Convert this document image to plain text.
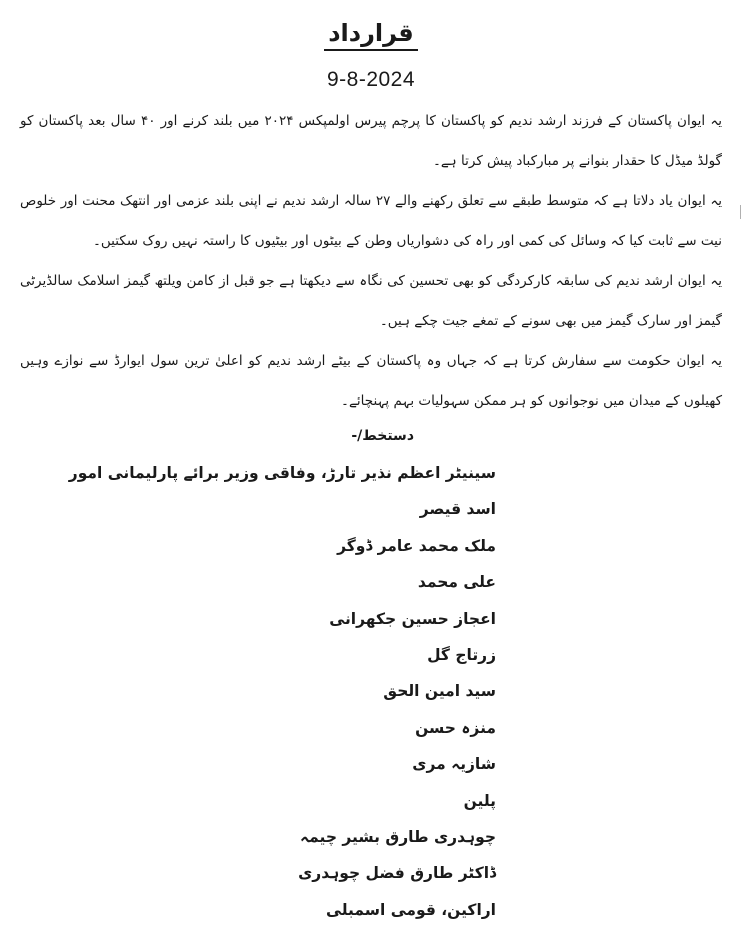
قرارداد
9-8-2024

یہ ایوان پاکستان کے فرزند ارشد ندیم کو پاکستان کا پرچم پیرس اولمپکس ۲۰۲۴ میں بلند کرنے اور ۴۰ سال بعد پاکستان کو گولڈ میڈل کا حقدار بنوانے پر مبارکباد پیش کرتا ہے۔

یہ ایوان یاد دلاتا ہے کہ متوسط طبقے سے تعلق رکھنے والے ۲۷ سالہ ارشد ندیم نے اپنی بلند عزمی اور انتھک محنت اور خلوص نیت سے ثابت کیا کہ وسائل کی کمی اور راہ کی دشواریاں وطن کے بیٹوں اور بیٹیوں کا راستہ نہیں روک سکتیں۔

یہ ایوان ارشد ندیم کی سابقہ کارکردگی کو بھی تحسین کی نگاہ سے دیکھتا ہے جو قبل از کامن ویلتھ گیمز اسلامک سالڈیرٹی گیمز اور سارک گیمز میں بھی سونے کے تمغے جیت چکے ہیں۔

یہ ایوان حکومت سے سفارش کرتا ہے کہ جہاں وہ پاکستان کے بیٹے ارشد ندیم کو اعلیٰ ترین سول ایوارڈ سے نوازے وہیں کھیلوں کے میدان میں نوجوانوں کو ہر ممکن سہولیات بہم پہنچائے۔

دستخط/-
سینیٹر اعظم نذیر تارڑ، وفاقی وزیر برائے پارلیمانی امور
اسد قیصر
ملک محمد عامر ڈوگر
علی محمد
اعجاز حسین جکھرانی
زرتاج گل
سید امین الحق
منزہ حسن
شازیہ مری
پلین
چوہدری طارق بشیر چیمہ
ڈاکٹر طارق فضل چوہدری
اراکین، قومی اسمبلی
